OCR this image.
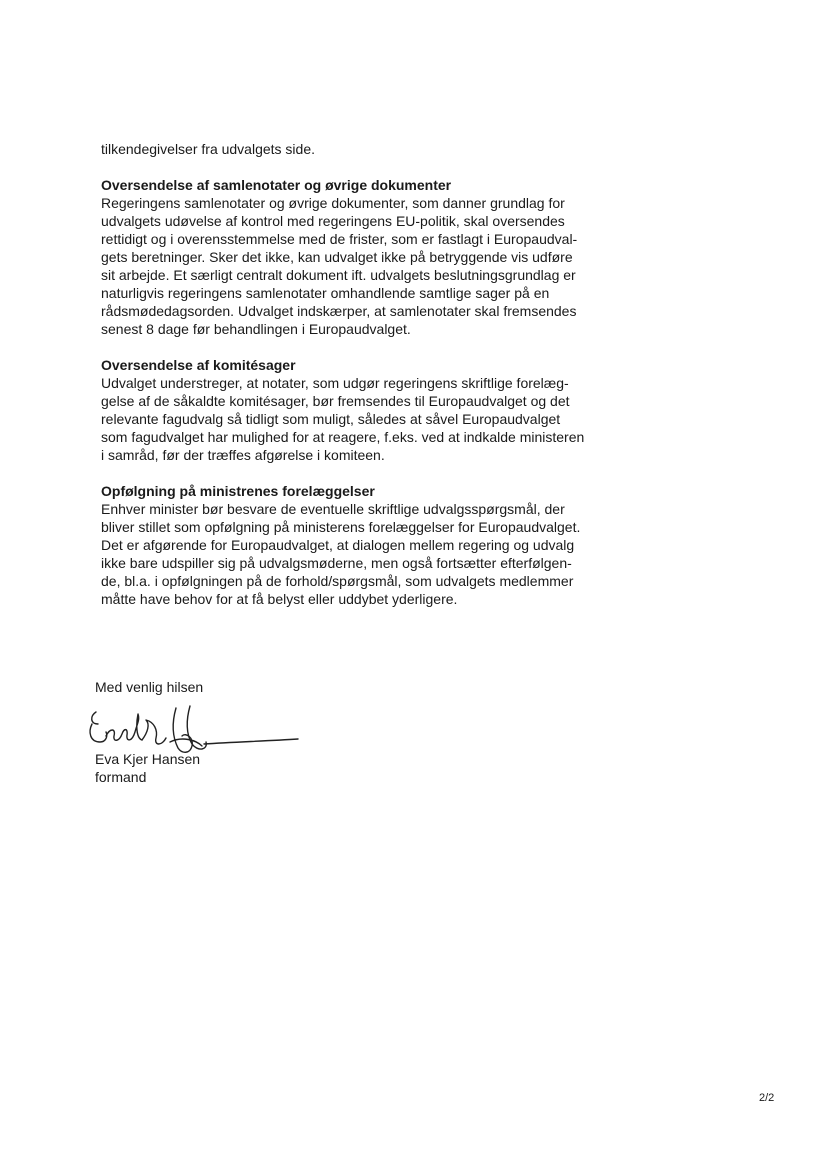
tilkendegivelser fra udvalgets side.
Oversendelse af samlenotater og øvrige dokumenter
Regeringens samlenotater og øvrige dokumenter, som danner grundlag for
udvalgets udøvelse af kontrol med regeringens EU-politik, skal oversendes
rettidigt og i overensstemmelse med de frister, som er fastlagt i Europaudval-
gets beretninger. Sker det ikke, kan udvalget ikke på betryggende vis udføre
sit arbejde. Et særligt centralt dokument ift. udvalgets beslutningsgrundlag er
naturligvis regeringens samlenotater omhandlende samtlige sager på en
rådsmødedagsorden. Udvalget indskærper, at samlenotater skal fremsendes
senest 8 dage før behandlingen i Europaudvalget.
Oversendelse af komitésager
Udvalget understreger, at notater, som udgør regeringens skriftlige forelæg-
gelse af de såkaldte komitésager, bør fremsendes til Europaudvalget og det
relevante fagudvalg så tidligt som muligt, således at såvel Europaudvalget
som fagudvalget har mulighed for at reagere, f.eks. ved at indkalde ministeren
i samråd, før der træffes afgørelse i komiteen.
Opfølgning på ministrenes forelæggelser
Enhver minister bør besvare de eventuelle skriftlige udvalgsspørgsmål, der
bliver stillet som opfølgning på ministerens forelæggelser for Europaudvalget.
Det er afgørende for Europaudvalget, at dialogen mellem regering og udvalg
ikke bare udspiller sig på udvalgsmøderne, men også fortsætter efterfølgen-
de, bl.a. i opfølgningen på de forhold/spørgsmål, som udvalgets medlemmer
måtte have behov for at få belyst eller uddybet yderligere.
Med venlig hilsen
Eva Kjer Hansen
formand
2/2
